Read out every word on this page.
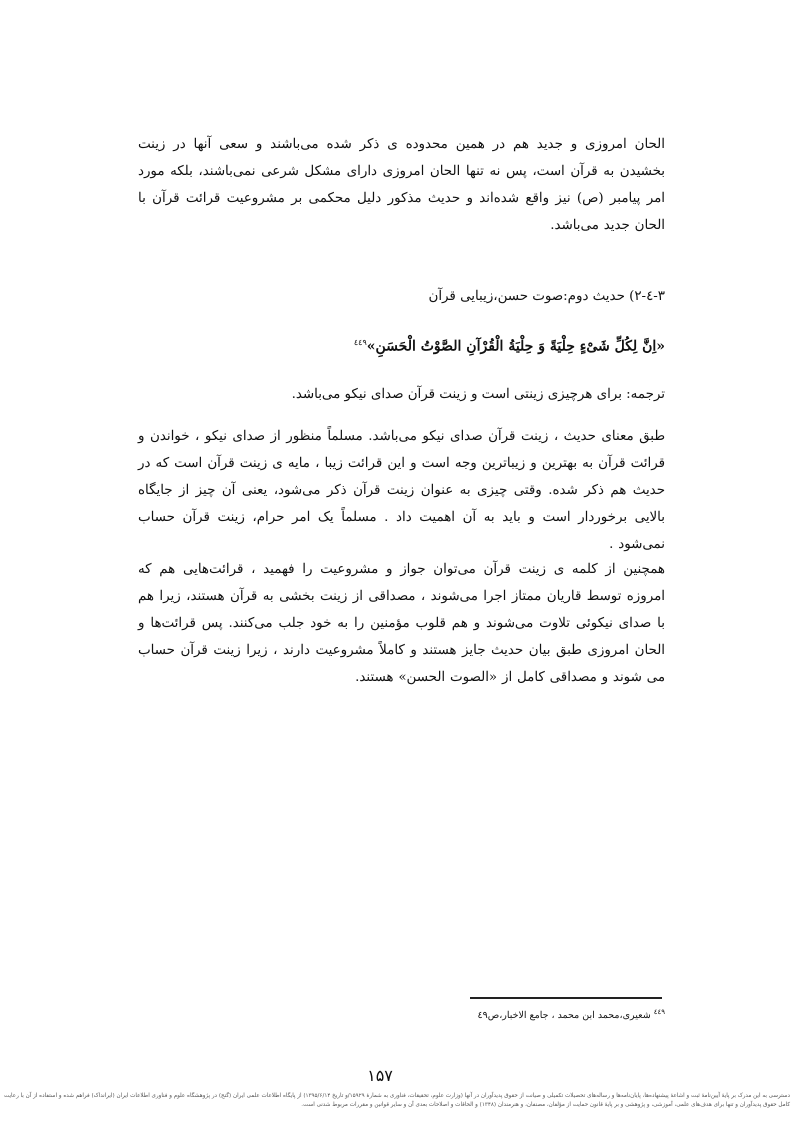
الحان امروزی و جدید هم در همین محدوده ی ذکر شده می‌باشند و سعی آنها در زینت بخشیدن به قرآن است، پس نه تنها الحان امروزی دارای مشکل شرعی نمی‌باشند، بلکه مورد امر پیامبر (ص) نیز واقع شده‌اند و حدیث مذکور دلیل محکمی بر مشروعیت قرائت قرآن با الحان جدید می‌باشد.

۳-٤-۲) حدیث دوم:صوت حسن،زیبایی قرآن

«اِنَّ لِكُلِّ شَیْءٍ حِلْيَةً وَ حِلْيَةُ الْقُرْآنِ الصَّوْتُ الْحَسَنِ»$^{٤٤٩}$

ترجمه: برای هرچیزی زینتی است و زینت قرآن صدای نیکو می‌باشد.

طبق معنای حدیث ، زینت قرآن صدای نیکو می‌باشد. مسلماً منظور از صدای نیکو ، خواندن و قرائت قرآن به بهترین و زیباترین وجه است و این قرائت زیبا ، مایه ی زینت قرآن است که در حدیث هم ذکر شده. وقتی چیزی به عنوان زینت قرآن ذکر می‌شود، یعنی آن چیز از جایگاه بالایی برخوردار است و باید به آن اهمیت داد . مسلماً یک امر حرام، زینت قرآن حساب نمی‌شود .

همچنین از کلمه ی زینت قرآن می‌توان جواز و مشروعیت را فهمید ، قرائت‌هایی هم که امروزه توسط قاریان ممتاز اجرا می‌شوند ، مصداقی از زینت بخشی به قرآن هستند، زیرا هم با صدای نیکوئی تلاوت می‌شوند و هم قلوب مؤمنین را به خود جلب می‌کنند. پس قرائت‌ها و الحان امروزی طبق بیان حدیث جایز هستند و کاملاً مشروعیت دارند ، زیرا زینت قرآن حساب می شوند و مصداقی کامل از «الصوت الحسن» هستند.

$^{٤٤٩}$ شعیری،محمد ابن محمد ، جامع الاخبار،ص٤٩

۱۵۷

دسترسی به این مدرک بر پایهٔ آیین‌نامهٔ ثبت و اشاعهٔ پیشنهاده‌ها، پایان‌نامه‌ها و رساله‌های تحصیلات تکمیلی و صیانت از حقوق پدیدآوران در آنها (وزارت علوم، تحقیقات، فناوری به شمارهٔ ۱۵۹۲۹/و تاریخ ۱۳۹۵/۶/۱۴) از پایگاه اطلاعات علمی ایران (گنج) در پژوهشگاه علوم و فناوری اطلاعات ایران (ایرانداک) فراهم شده و استفاده از آن با رعایت کامل حقوق پدیدآوران و تنها برای هدف‌های علمی، آموزشی، و پژوهشی و بر پایهٔ قانون حمایت از مؤلفان، مصنفان، و هنرمندان (۱۳۴۸) و الحاقات و اصلاحات بعدی آن و سایر قوانین و مقررات مربوط شدنی است.
